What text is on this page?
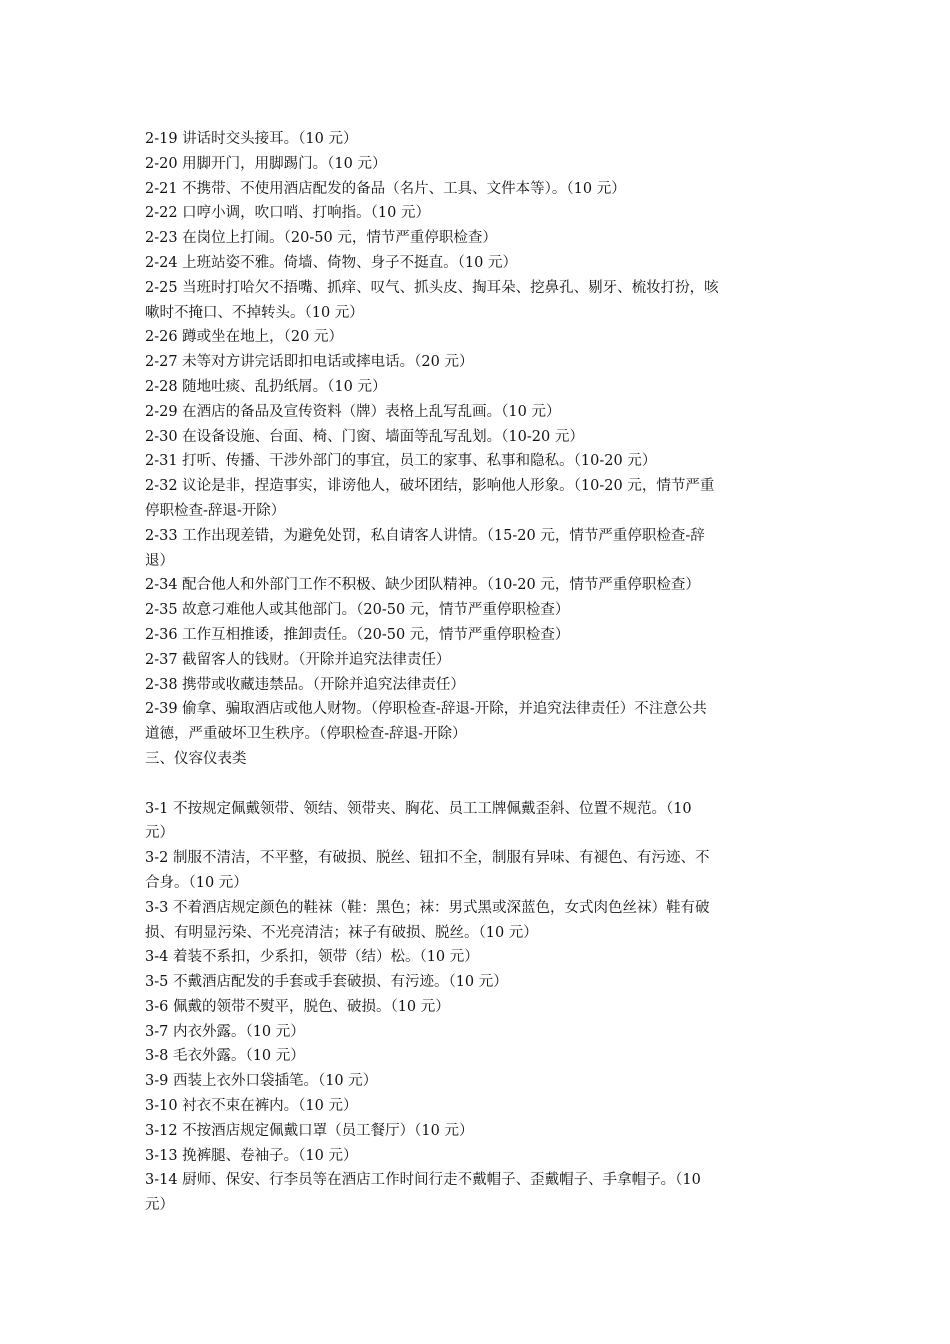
2-19 讲话时交头接耳。（10 元）
2-20 用脚开门，用脚踢门。（10 元）
2-21 不携带、不使用酒店配发的备品（名片、工具、文件本等）。（10 元）
2-22 口哼小调，吹口哨、打响指。（10 元）
2-23 在岗位上打闹。（20-50 元，情节严重停职检查）
2-24 上班站姿不雅。倚墙、倚物、身子不挺直。（10 元）
2-25 当班时打哈欠不捂嘴、抓痒、叹气、抓头皮、掏耳朵、挖鼻孔、剔牙、梳妆打扮，咳
嗽时不掩口、不掉转头。（10 元）
2-26 蹲或坐在地上，（20 元）
2-27 未等对方讲完话即扣电话或摔电话。（20 元）
2-28 随地吐痰、乱扔纸屑。（10 元）
2-29 在酒店的备品及宣传资料（牌）表格上乱写乱画。（10 元）
2-30 在设备设施、台面、椅、门窗、墙面等乱写乱划。（10-20 元）
2-31 打听、传播、干涉外部门的事宜，员工的家事、私事和隐私。（10-20 元）
2-32 议论是非，捏造事实，诽谤他人，破坏团结，影响他人形象。（10-20 元，情节严重
停职检查-辞退-开除）
2-33 工作出现差错，为避免处罚，私自请客人讲情。（15-20 元，情节严重停职检查-辞
退）
2-34 配合他人和外部门工作不积极、缺少团队精神。（10-20 元，情节严重停职检查）
2-35 故意刁难他人或其他部门。（20-50 元，情节严重停职检查）
2-36 工作互相推诿，推卸责任。（20-50 元，情节严重停职检查）
2-37 截留客人的钱财。（开除并追究法律责任）
2-38 携带或收藏违禁品。（开除并追究法律责任）
2-39 偷拿、骗取酒店或他人财物。（停职检查-辞退-开除，并追究法律责任）不注意公共
道德，严重破坏卫生秩序。（停职检查-辞退-开除）
三、仪容仪表类
3-1 不按规定佩戴领带、领结、领带夹、胸花、员工工牌佩戴歪斜、位置不规范。（10
元）
3-2 制服不清洁，不平整，有破损、脱丝、钮扣不全，制服有异味、有褪色、有污迹、不
合身。（10 元）
3-3 不着酒店规定颜色的鞋袜（鞋：黑色；袜：男式黑或深蓝色，女式肉色丝袜）鞋有破
损、有明显污染、不光亮清洁；袜子有破损、脱丝。（10 元）
3-4 着装不系扣，少系扣，领带（结）松。（10 元）
3-5 不戴酒店配发的手套或手套破损、有污迹。（10 元）
3-6 佩戴的领带不熨平，脱色、破损。（10 元）
3-7 内衣外露。（10 元）
3-8 毛衣外露。（10 元）
3-9 西装上衣外口袋插笔。（10 元）
3-10 衬衣不束在裤内。（10 元）
3-12 不按酒店规定佩戴口罩（员工餐厅）（10 元）
3-13 挽裤腿、卷袖子。（10 元）
3-14 厨师、保安、行李员等在酒店工作时间行走不戴帽子、歪戴帽子、手拿帽子。（10
元）
